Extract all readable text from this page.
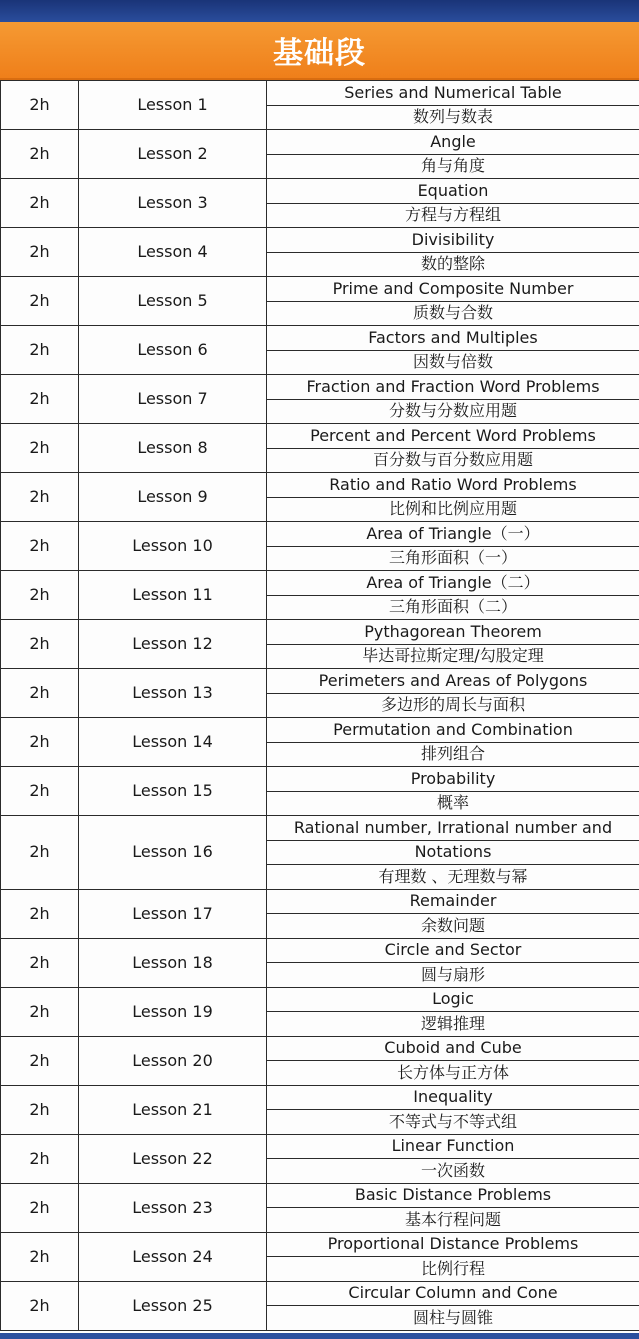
基础段
2h	Lesson 1	Series and Numerical Table
		数列与数表
2h	Lesson 2	Angle
		角与角度
2h	Lesson 3	Equation
		方程与方程组
2h	Lesson 4	Divisibility
		数的整除
2h	Lesson 5	Prime and Composite Number
		质数与合数
2h	Lesson 6	Factors and Multiples
		因数与倍数
2h	Lesson 7	Fraction and Fraction Word Problems
		分数与分数应用题
2h	Lesson 8	Percent and Percent Word Problems
		百分数与百分数应用题
2h	Lesson 9	Ratio and Ratio Word Problems
		比例和比例应用题
2h	Lesson 10	Area of Triangle（一）
		三角形面积（一）
2h	Lesson 11	Area of Triangle（二）
		三角形面积（二）
2h	Lesson 12	Pythagorean Theorem
		毕达哥拉斯定理/勾股定理
2h	Lesson 13	Perimeters and Areas of Polygons
		多边形的周长与面积
2h	Lesson 14	Permutation and Combination
		排列组合
2h	Lesson 15	Probability
		概率
2h	Lesson 16	Rational number, Irrational number and
		Notations
		有理数 、无理数与幂
2h	Lesson 17	Remainder
		余数问题
2h	Lesson 18	Circle and Sector
		圆与扇形
2h	Lesson 19	Logic
		逻辑推理
2h	Lesson 20	Cuboid and Cube
		长方体与正方体
2h	Lesson 21	Inequality
		不等式与不等式组
2h	Lesson 22	Linear Function
		一次函数
2h	Lesson 23	Basic Distance Problems
		基本行程问题
2h	Lesson 24	Proportional Distance Problems
		比例行程
2h	Lesson 25	Circular Column and Cone
		圆柱与圆锥
